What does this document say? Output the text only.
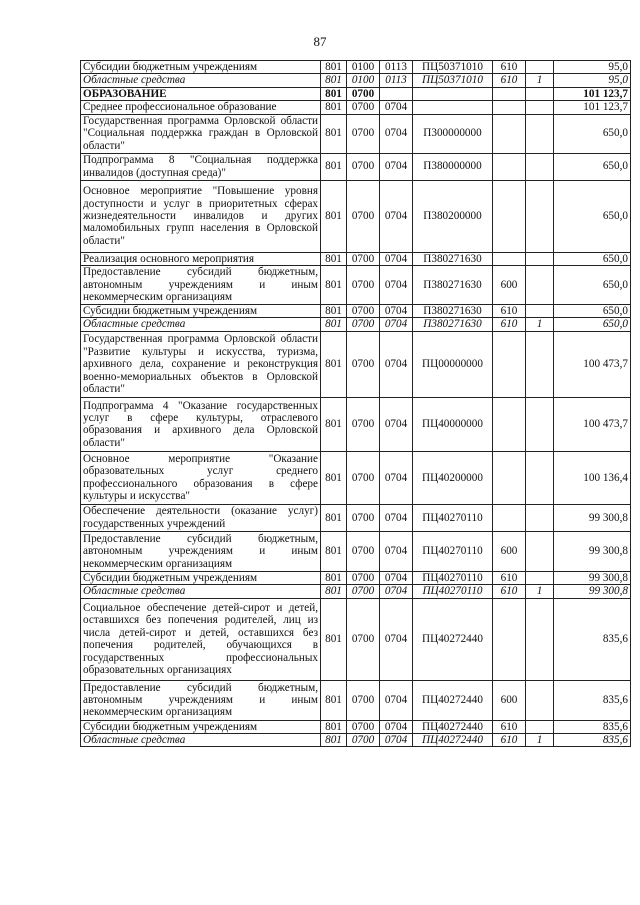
87
Субсидии бюджетным учреждениям	801	0100	0113	ПЦ50371010	610		95,0
Областные средства	801	0100	0113	ПЦ50371010	610	1	95,0
ОБРАЗОВАНИЕ	801	0700					101 123,7
Среднее профессиональное образование	801	0700	0704				101 123,7
Государственная программа Орловской области "Социальная поддержка граждан в Орловской области"	801	0700	0704	П300000000			650,0
Подпрограмма 8 "Социальная поддержка инвалидов (доступная среда)"	801	0700	0704	П380000000			650,0
Основное мероприятие "Повышение уровня доступности и услуг в приоритетных сферах жизнедеятельности инвалидов и других маломобильных групп населения в Орловской области"	801	0700	0704	П380200000			650,0
Реализация основного мероприятия	801	0700	0704	П380271630			650,0
Предоставление субсидий бюджетным, автономным учреждениям и иным некоммерческим организациям	801	0700	0704	П380271630	600		650,0
Субсидии бюджетным учреждениям	801	0700	0704	П380271630	610		650,0
Областные средства	801	0700	0704	П380271630	610	1	650,0
Государственная программа Орловской области "Развитие культуры и искусства, туризма, архивного дела, сохранение и реконструкция военно-мемориальных объектов в Орловской области"	801	0700	0704	ПЦ00000000			100 473,7
Подпрограмма 4 "Оказание государственных услуг в сфере культуры, отраслевого образования и архивного дела Орловской области"	801	0700	0704	ПЦ40000000			100 473,7
Основное мероприятие "Оказание образовательных услуг среднего профессионального образования в сфере культуры и искусства"	801	0700	0704	ПЦ40200000			100 136,4
Обеспечение деятельности (оказание услуг) государственных учреждений	801	0700	0704	ПЦ40270110			99 300,8
Предоставление субсидий бюджетным, автономным учреждениям и иным некоммерческим организациям	801	0700	0704	ПЦ40270110	600		99 300,8
Субсидии бюджетным учреждениям	801	0700	0704	ПЦ40270110	610		99 300,8
Областные средства	801	0700	0704	ПЦ40270110	610	1	99 300,8
Социальное обеспечение детей-сирот и детей, оставшихся без попечения родителей, лиц из числа детей-сирот и детей, оставшихся без попечения родителей, обучающихся в государственных профессиональных образовательных организациях	801	0700	0704	ПЦ40272440			835,6
Предоставление субсидий бюджетным, автономным учреждениям и иным некоммерческим организациям	801	0700	0704	ПЦ40272440	600		835,6
Субсидии бюджетным учреждениям	801	0700	0704	ПЦ40272440	610		835,6
Областные средства	801	0700	0704	ПЦ40272440	610	1	835,6
